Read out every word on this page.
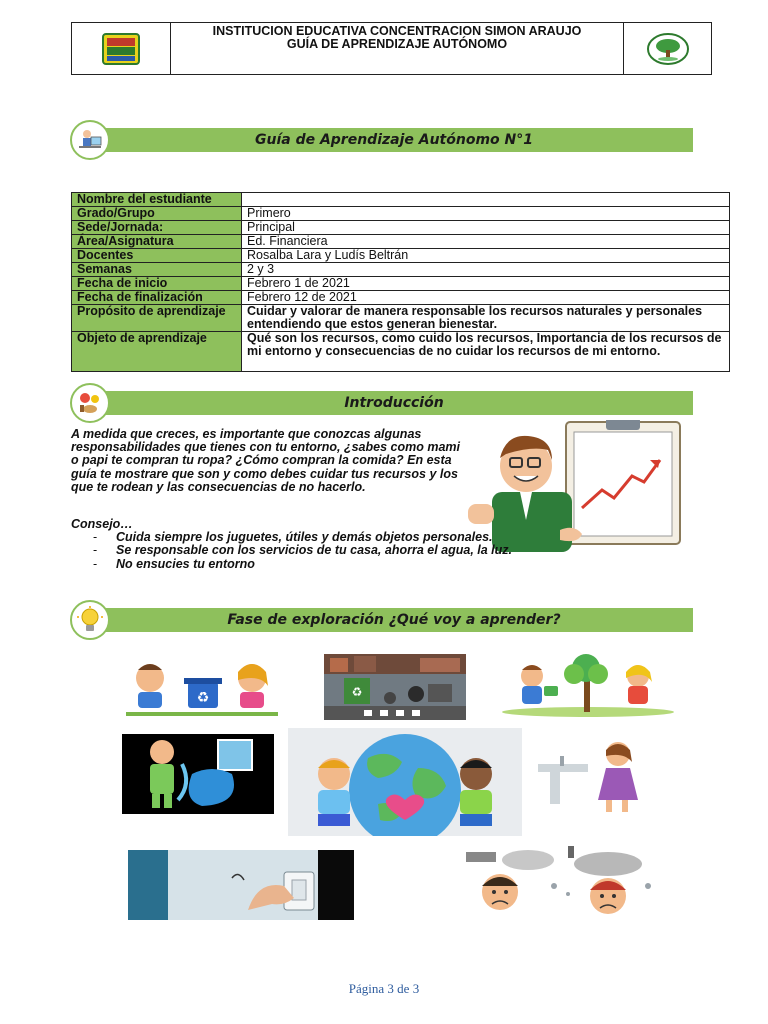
INSTITUCION EDUCATIVA CONCENTRACION SIMON ARAUJO
GUÍA DE APRENDIZAJE AUTÓNOMO
Guía de Aprendizaje Autónomo N°1
Nombre del estudiante	
Grado/Grupo	Primero
Sede/Jornada:	Principal
Área/Asignatura	Ed. Financiera
Docentes	Rosalba Lara y Ludís Beltrán
Semanas	2 y 3
Fecha de inicio	Febrero 1 de 2021
Fecha de finalización	Febrero 12 de 2021
Propósito de aprendizaje	Cuidar y valorar de manera responsable los recursos naturales y personales entendiendo que estos generan bienestar.
Objeto de aprendizaje	Qué son los recursos, como cuido los recursos, Importancia de los recursos de mi entorno y consecuencias de no cuidar los recursos de mi entorno.
Introducción
A medida que creces, es importante que conozcas algunas responsabilidades que tienes con tu entorno, ¿sabes como mami o papi te compran tu ropa? ¿Cómo compran la comida? En esta guía te mostrare que son y como debes cuidar tus recursos y los que te rodean y las consecuencias de no hacerlo.
Consejo…
- Cuida siempre los juguetes, útiles y demás objetos personales.
- Se responsable con los servicios de tu casa, ahorra el agua, la luz.
- No ensucies tu entorno
Fase de exploración ¿Qué voy a aprender?
♻	♻
Página 3 de 3
